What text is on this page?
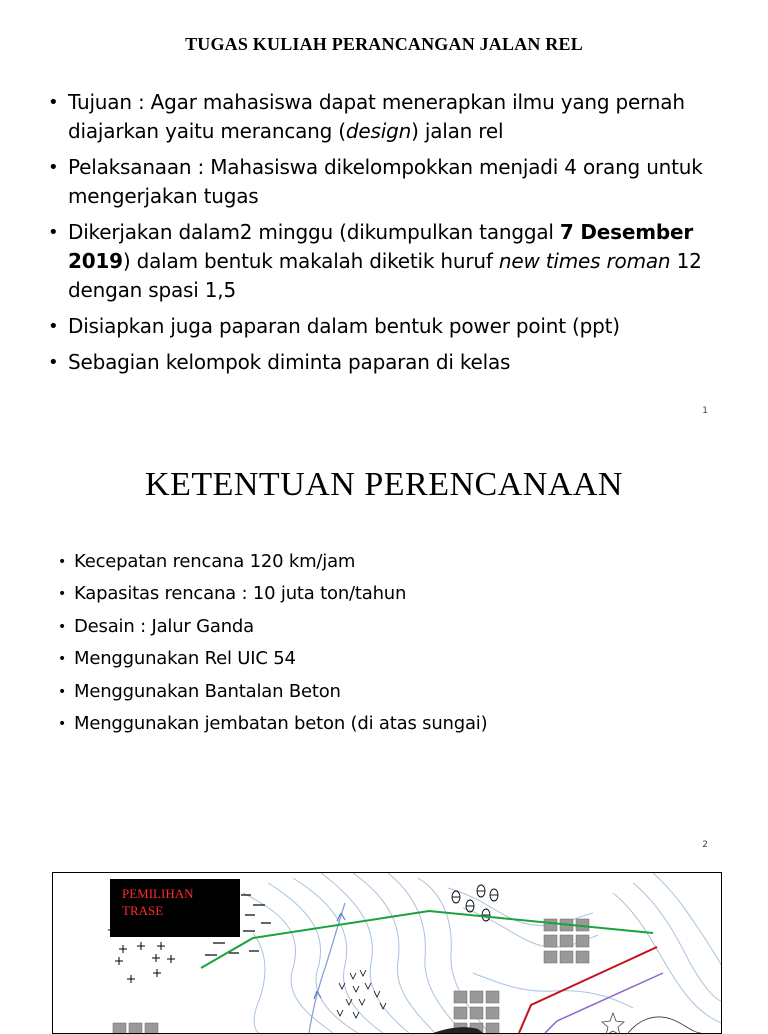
TUGAS KULIAH PERANCANGAN JALAN REL
• Tujuan : Agar mahasiswa dapat menerapkan ilmu yang pernah diajarkan yaitu merancang (design) jalan rel
• Pelaksanaan : Mahasiswa dikelompokkan menjadi 4 orang untuk mengerjakan tugas
• Dikerjakan dalam2 minggu (dikumpulkan tanggal 7 Desember 2019) dalam bentuk makalah diketik huruf new times roman 12 dengan spasi 1,5
• Disiapkan juga paparan dalam bentuk power point (ppt)
• Sebagian kelompok diminta paparan di kelas
1
KETENTUAN PERENCANAAN
• Kecepatan rencana 120 km/jam
• Kapasitas rencana : 10 juta ton/tahun
• Desain : Jalur Ganda
• Menggunakan Rel UIC 54
• Menggunakan Bantalan Beton
• Menggunakan jembatan beton (di atas sungai)
2
PEMILIHAN
TRASE
